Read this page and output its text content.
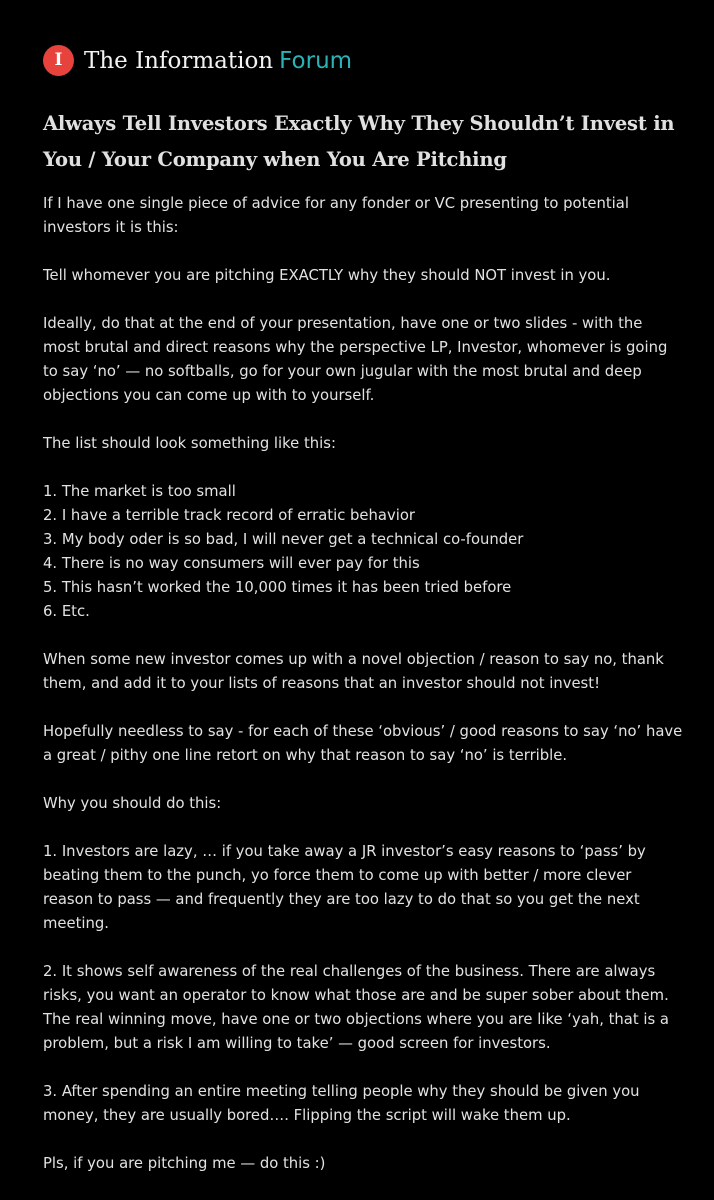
I The Information Forum
Always Tell Investors Exactly Why They Shouldn’t Invest in You / Your Company when You Are Pitching

If I have one single piece of advice for any fonder or VC presenting to potential investors it is this:

Tell whomever you are pitching EXACTLY why they should NOT invest in you.

Ideally, do that at the end of your presentation, have one or two slides - with the most brutal and direct reasons why the perspective LP, Investor, whomever is going to say ‘no’ — no softballs, go for your own jugular with the most brutal and deep objections you can come up with to yourself.

The list should look something like this:

1. The market is too small
2. I have a terrible track record of erratic behavior
3. My body oder is so bad, I will never get a technical co-founder
4. There is no way consumers will ever pay for this
5. This hasn’t worked the 10,000 times it has been tried before
6. Etc.

When some new investor comes up with a novel objection / reason to say no, thank them, and add it to your lists of reasons that an investor should not invest!

Hopefully needless to say - for each of these ‘obvious’ / good reasons to say ‘no’ have a great / pithy one line retort on why that reason to say ‘no’ is terrible.

Why you should do this:

1. Investors are lazy, … if you take away a JR investor’s easy reasons to ‘pass’ by beating them to the punch, yo force them to come up with better / more clever reason to pass — and frequently they are too lazy to do that so you get the next meeting.

2. It shows self awareness of the real challenges of the business. There are always risks, you want an operator to know what those are and be super sober about them. The real winning move, have one or two objections where you are like ‘yah, that is a problem, but a risk I am willing to take’ — good screen for investors.

3. After spending an entire meeting telling people why they should be given you money, they are usually bored…. Flipping the script will wake them up.

Pls, if you are pitching me — do this :)
